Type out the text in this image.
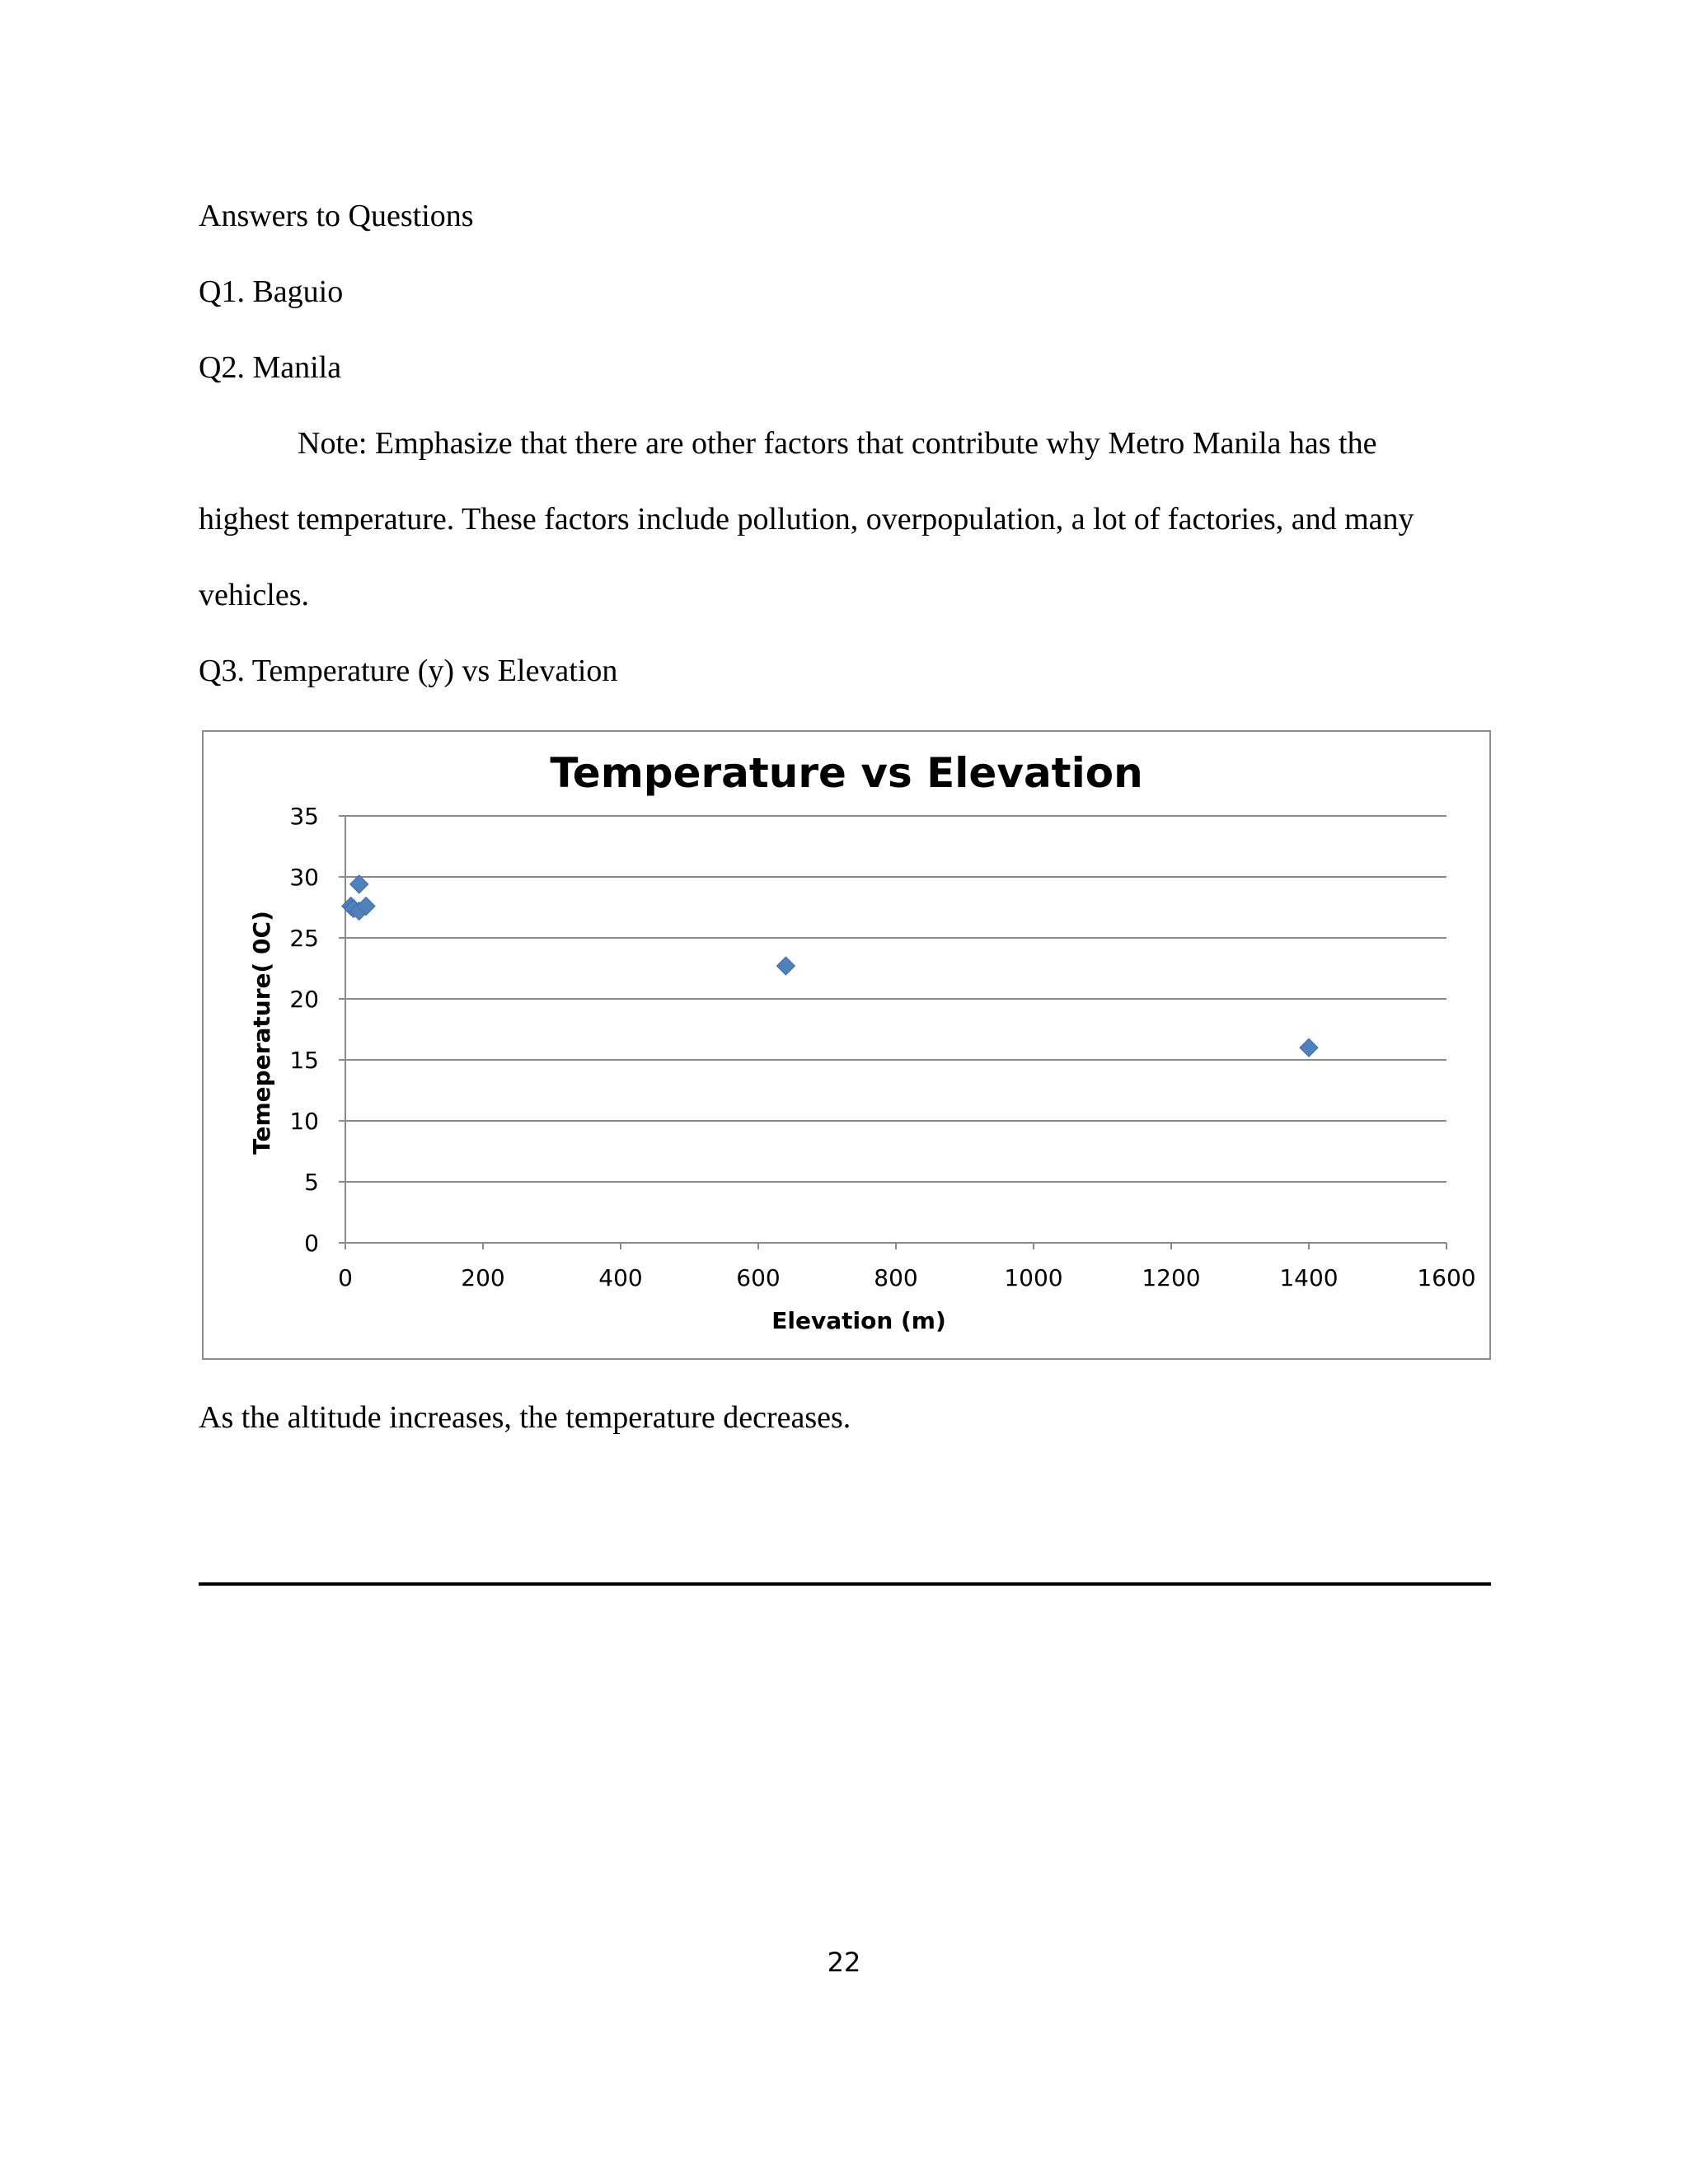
Answers to Questions
Q1. Baguio
Q2. Manila
Note: Emphasize that there are other factors that contribute why Metro Manila has the
highest temperature. These factors include pollution, overpopulation, a lot of factories, and many
vehicles.
Q3. Temperature (y) vs Elevation
Temperature vs Elevation
0
5
10
15
20
25
30
35
0	200	400	600	800	1000	1200	1400	1600
Elevation (m)
Temeperature( 0C)
As the altitude increases, the temperature decreases.
22
